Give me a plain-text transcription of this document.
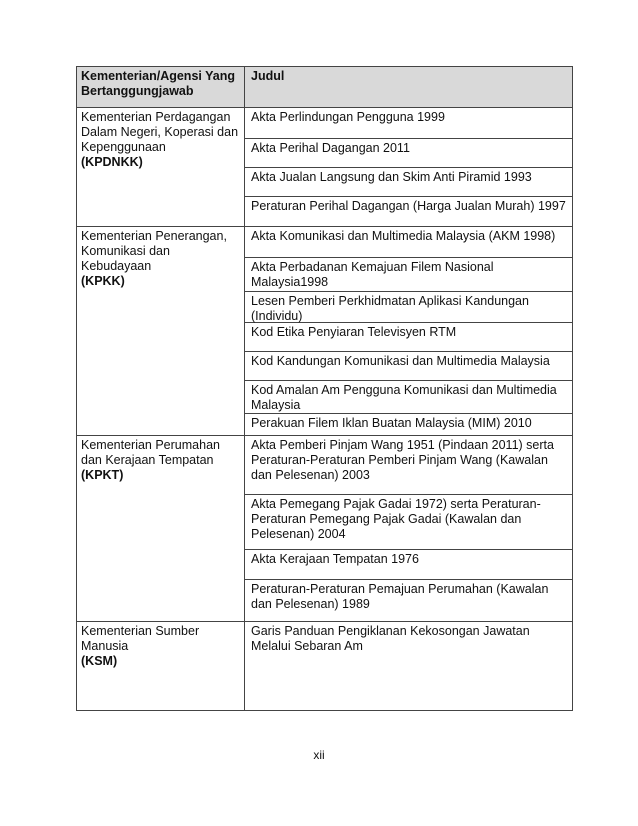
Kementerian/Agensi Yang Bertanggungjawab
Judul
Kementerian Perdagangan Dalam Negeri, Koperasi dan Kepenggunaan
(KPDNKK)
Akta Perlindungan Pengguna 1999
Akta Perihal Dagangan 2011
Akta Jualan Langsung dan Skim Anti Piramid 1993
Peraturan Perihal Dagangan (Harga Jualan Murah) 1997
Kementerian Penerangan, Komunikasi dan Kebudayaan
(KPKK)
Akta Komunikasi dan Multimedia Malaysia (AKM 1998)
Akta Perbadanan Kemajuan Filem Nasional Malaysia1998
Lesen Pemberi Perkhidmatan Aplikasi Kandungan (Individu)
Kod Etika Penyiaran Televisyen RTM
Kod Kandungan Komunikasi dan Multimedia Malaysia
Kod Amalan Am Pengguna Komunikasi dan Multimedia Malaysia
Perakuan Filem Iklan Buatan Malaysia (MIM) 2010
Kementerian Perumahan dan Kerajaan Tempatan
(KPKT)
Akta Pemberi Pinjam Wang 1951 (Pindaan 2011) serta Peraturan-Peraturan Pemberi Pinjam Wang (Kawalan dan Pelesenan) 2003
Akta Pemegang Pajak Gadai 1972) serta Peraturan-Peraturan Pemegang Pajak Gadai (Kawalan dan Pelesenan) 2004
Akta Kerajaan Tempatan 1976
Peraturan-Peraturan Pemajuan Perumahan (Kawalan dan Pelesenan) 1989
Kementerian Sumber Manusia
(KSM)
Garis Panduan Pengiklanan Kekosongan Jawatan Melalui Sebaran Am
xii
